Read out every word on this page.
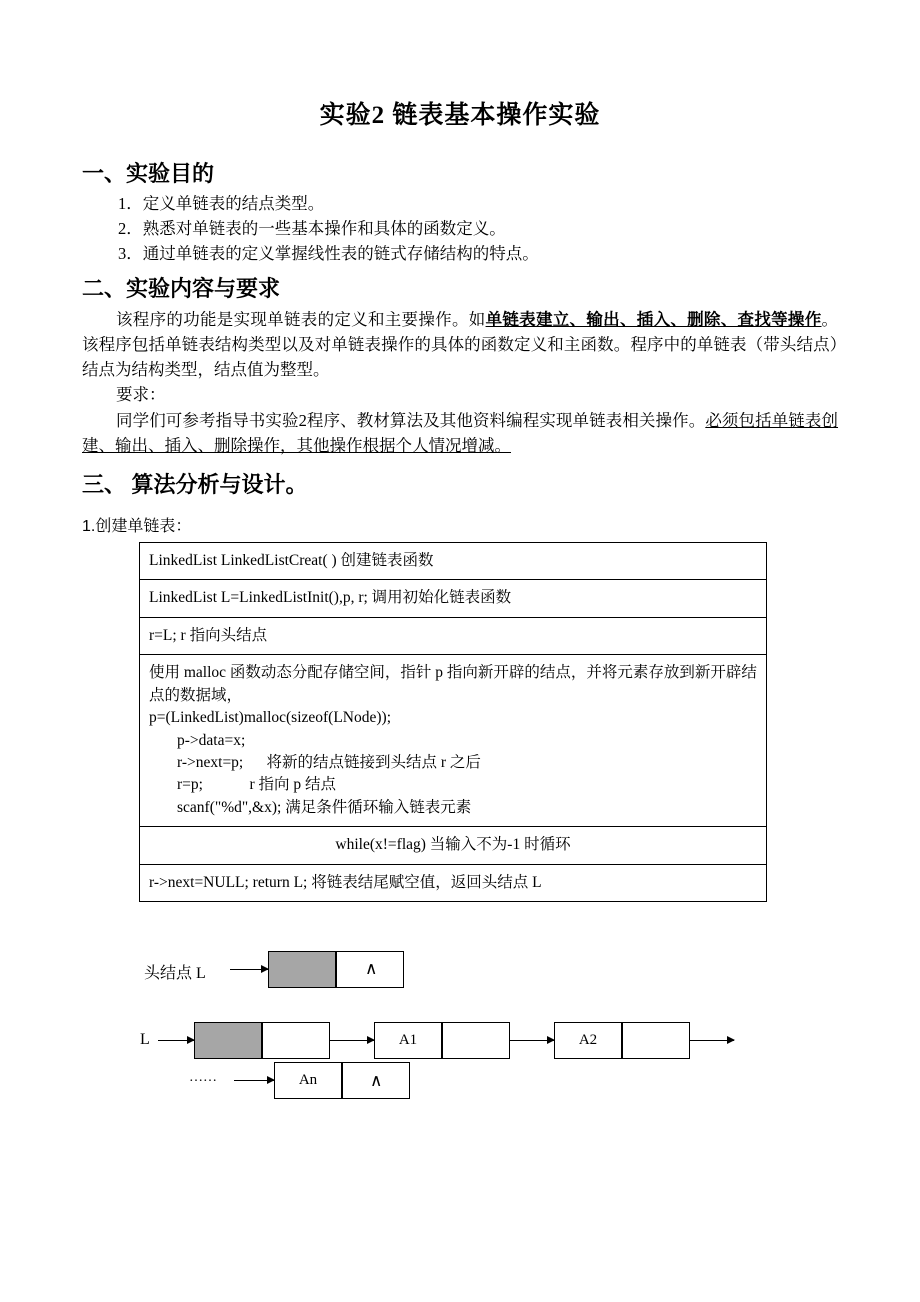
实验2 链表基本操作实验
一、实验目的
1．定义单链表的结点类型。
2．熟悉对单链表的一些基本操作和具体的函数定义。
3．通过单链表的定义掌握线性表的链式存储结构的特点。
二、实验内容与要求

该程序的功能是实现单链表的定义和主要操作。如单链表建立、输出、插入、删除、查找等操作。该程序包括单链表结构类型以及对单链表操作的具体的函数定义和主函数。程序中的单链表（带头结点）结点为结构类型，结点值为整型。

要求：

同学们可参考指导书实验2程序、教材算法及其他资料编程实现单链表相关操作。必须包括单链表创建、输出、插入、删除操作，其他操作根据个人情况增减。

三、 算法分析与设计。
1.创建单链表：
LinkedList LinkedListCreat( ) 创建链表函数
LinkedList L=LinkedListInit(),p, r; 调用初始化链表函数
r=L; r 指向头结点

使用 malloc 函数动态分配存储空间，指针 p 指向新开辟的结点，并将元素存放到新开辟结点的数据域，
p=(LinkedList)malloc(sizeof(LNode));
p->data=x;
r->next=p;      将新的结点链接到头结点 r 之后
r=p;            r 指向 p 结点
scanf("%d",&x); 满足条件循环输入链表元素

while(x!=flag) 当输入不为-1 时循环
r->next=NULL; return L; 将链表结尾赋空值，返回头结点 L
头结点 L	∧
L	A1	A2
……	An	∧
